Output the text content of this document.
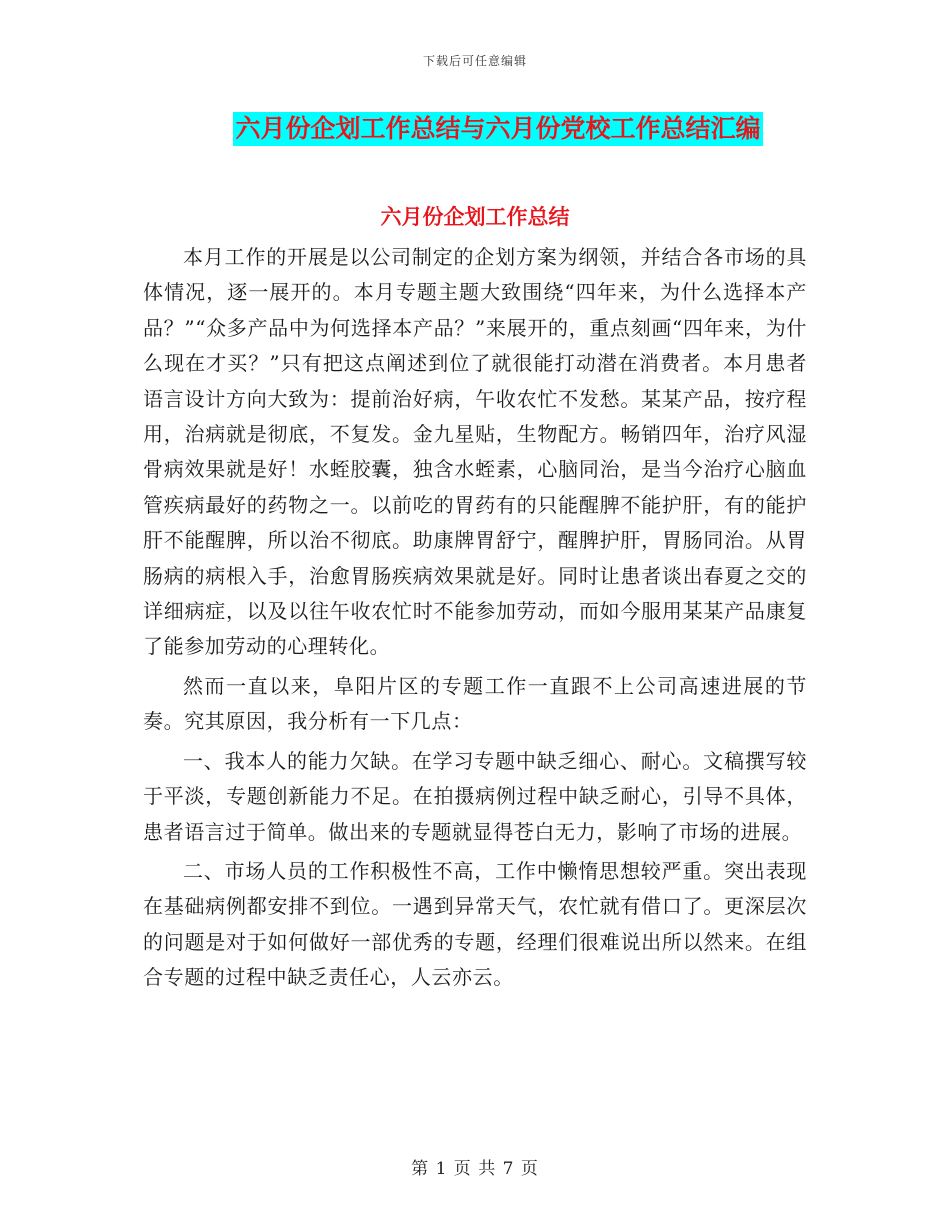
下载后可任意编辑
六月份企划工作总结与六月份党校工作总结汇编
六月份企划工作总结

本月工作的开展是以公司制定的企划方案为纲领，并结合各市场的具体情况，逐一展开的。本月专题主题大致围绕“四年来，为什么选择本产品？”“众多产品中为何选择本产品？”来展开的，重点刻画“四年来，为什么现在才买？”只有把这点阐述到位了就很能打动潜在消费者。本月患者语言设计方向大致为：提前治好病，午收农忙不发愁。某某产品，按疗程用，治病就是彻底，不复发。金九星贴，生物配方。畅销四年，治疗风湿骨病效果就是好！水蛭胶囊，独含水蛭素，心脑同治，是当今治疗心脑血管疾病最好的药物之一。以前吃的胃药有的只能醒脾不能护肝，有的能护肝不能醒脾，所以治不彻底。助康牌胃舒宁，醒脾护肝，胃肠同治。从胃肠病的病根入手，治愈胃肠疾病效果就是好。同时让患者谈出春夏之交的详细病症，以及以往午收农忙时不能参加劳动，而如今服用某某产品康复了能参加劳动的心理转化。

然而一直以来，阜阳片区的专题工作一直跟不上公司高速进展的节奏。究其原因，我分析有一下几点：

一、我本人的能力欠缺。在学习专题中缺乏细心、耐心。文稿撰写较于平淡，专题创新能力不足。在拍摄病例过程中缺乏耐心，引导不具体，患者语言过于简单。做出来的专题就显得苍白无力，影响了市场的进展。

二、市场人员的工作积极性不高，工作中懒惰思想较严重。突出表现在基础病例都安排不到位。一遇到异常天气，农忙就有借口了。更深层次的问题是对于如何做好一部优秀的专题，经理们很难说出所以然来。在组合专题的过程中缺乏责任心，人云亦云。

第 1 页 共 7 页
